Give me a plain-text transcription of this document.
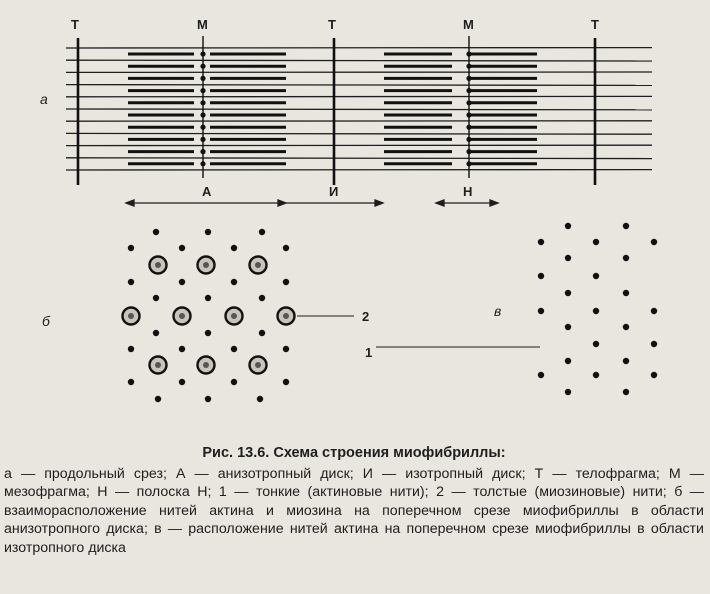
а
Т	М	Т	М	Т
А	И	Н
б	2
1
в
Рис. 13.6. Схема строения миофибриллы:
а — продольный срез; А — анизотропный диск; И — изотропный диск; Т — телофрагма; М — мезофрагма; Н — полоска Н; 1 — тонкие (актиновые нити); 2 — толстые (миозиновые) нити; б — взаиморасположение нитей актина и миозина на поперечном срезе миофибриллы в области анизотропного диска; в — расположение нитей актина на поперечном срезе миофибриллы в области изотропного диска
